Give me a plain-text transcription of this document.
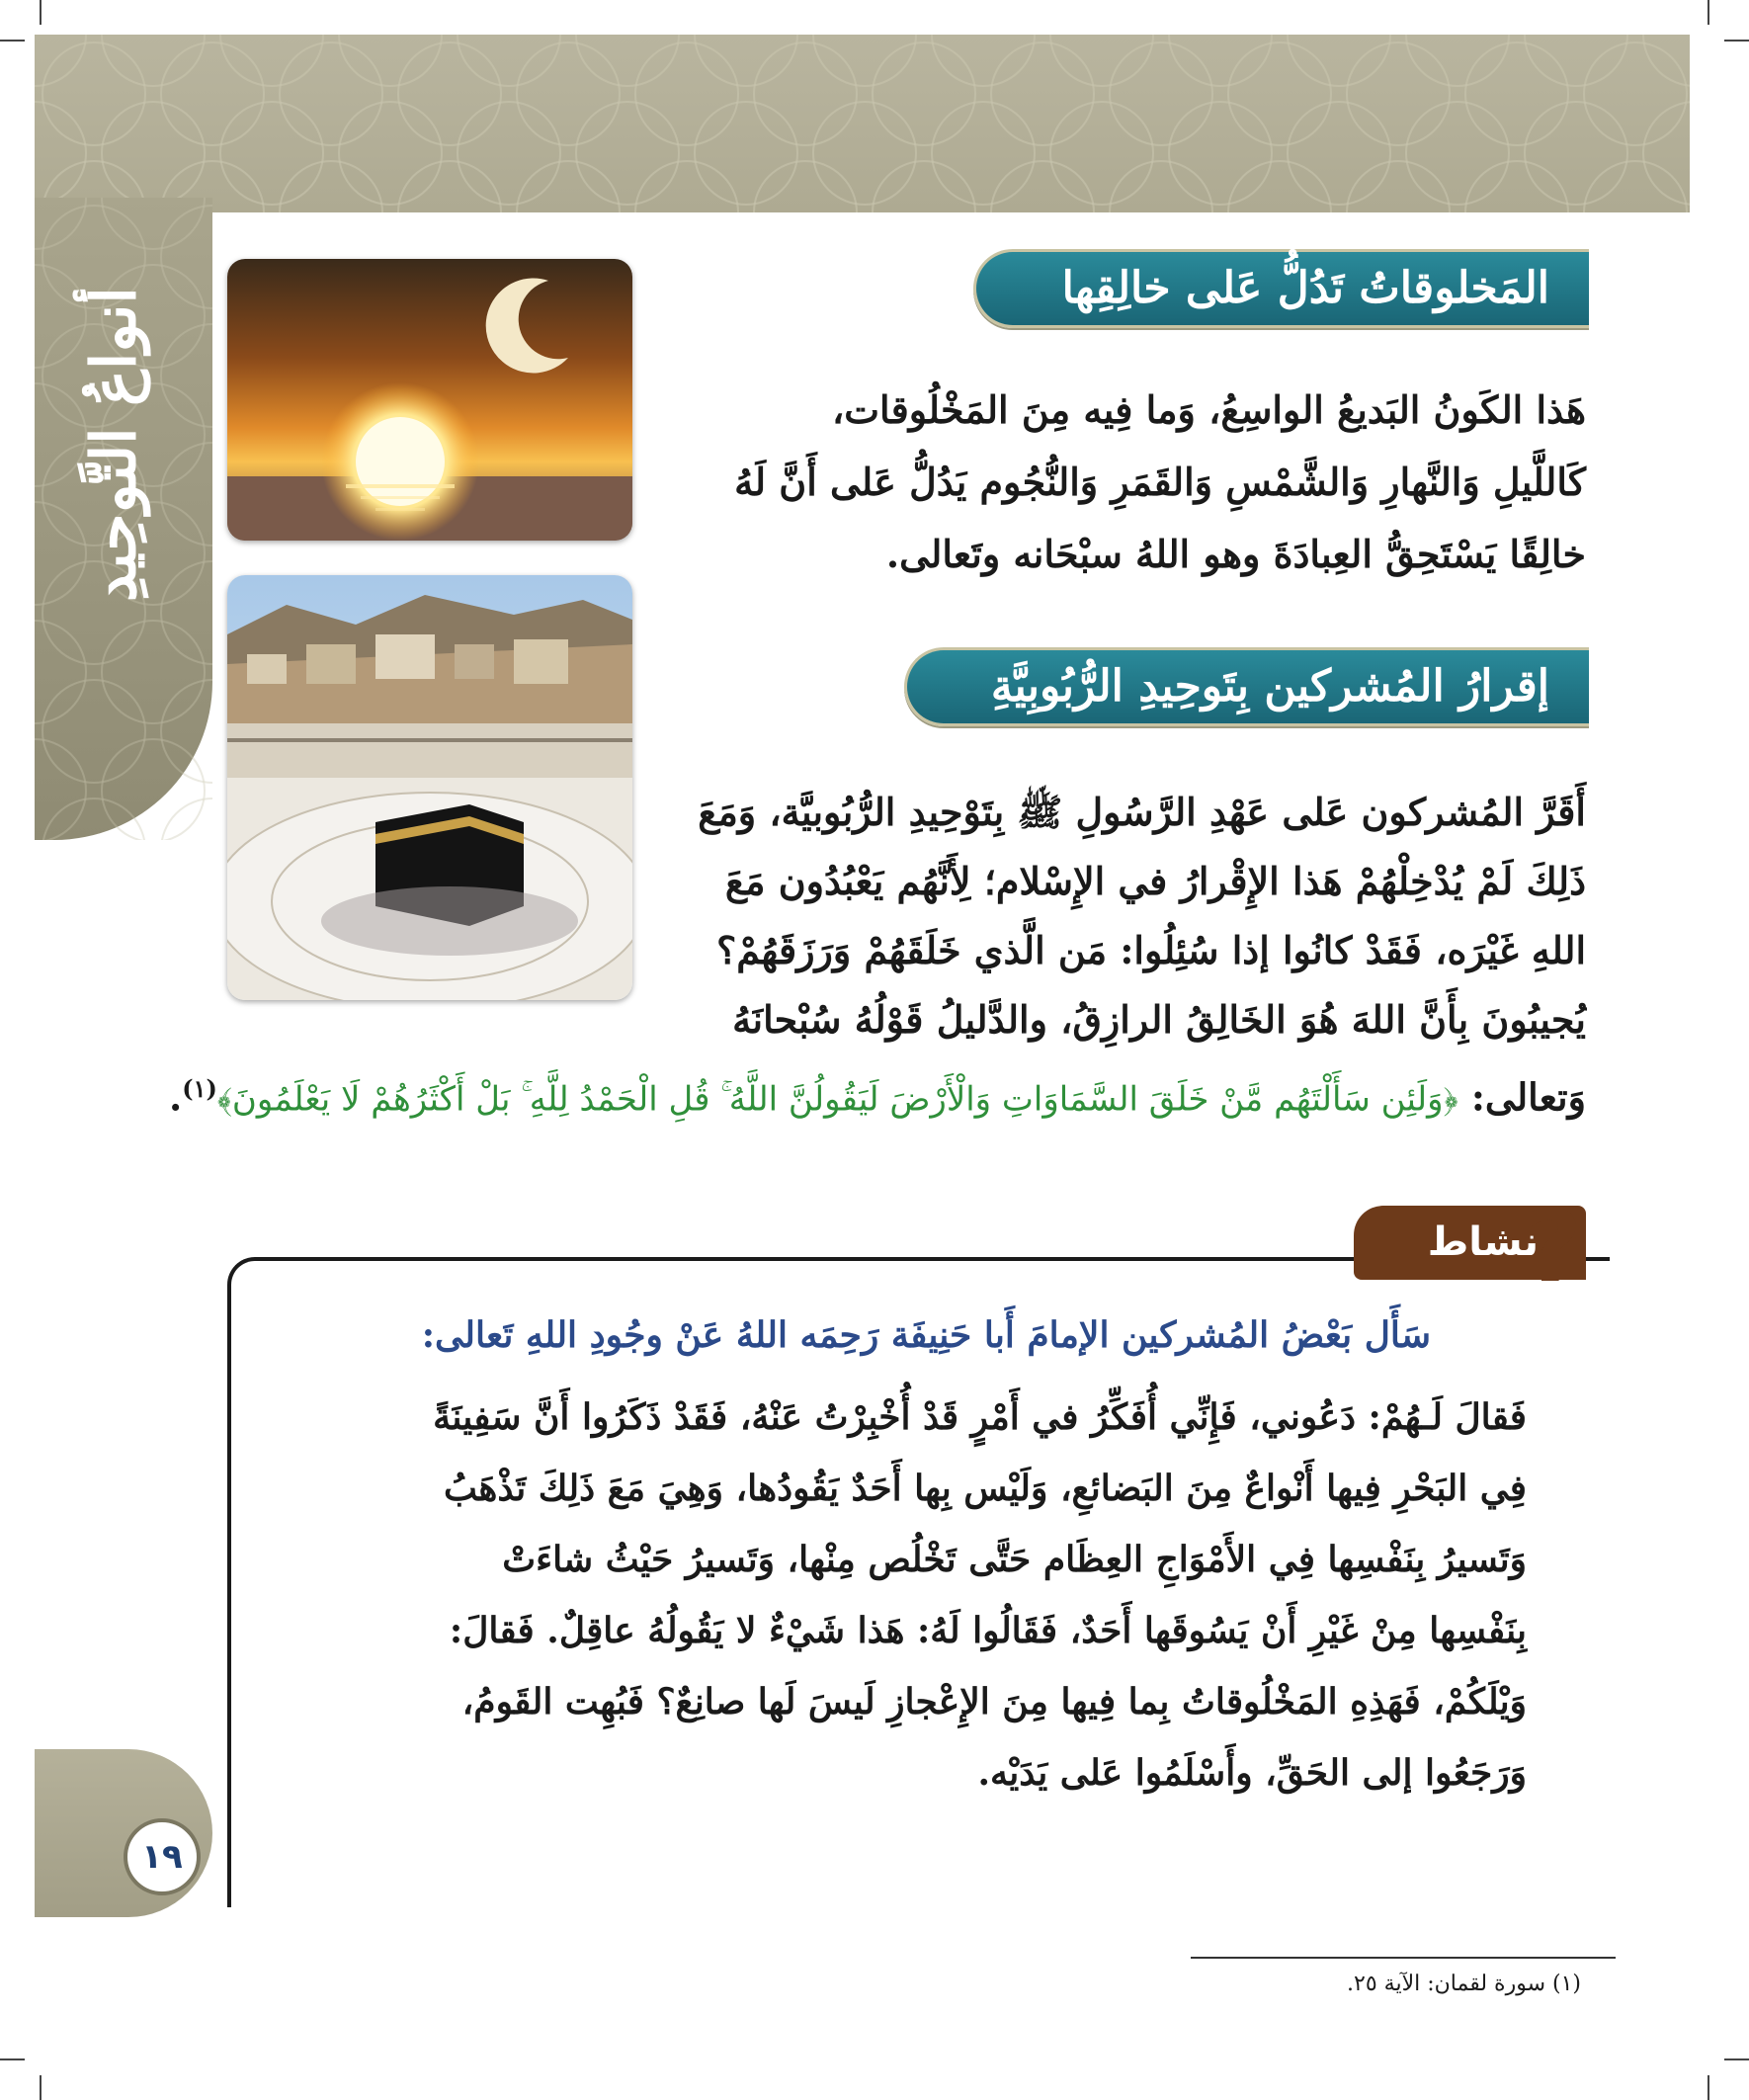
أنواعُ التَّوحِيدِ
١٩
المَخلوقاتُ تَدُلُّ عَلى خالِقِها
هَذا الكَونُ البَديعُ الواسِعُ، وَما فِيه مِنَ المَخْلُوقات،
كَاللَّيلِ وَالنَّهارِ وَالشَّمْسِ وَالقَمَرِ وَالنُّجُوم يَدُلُّ عَلى أَنَّ لَهُ
خالِقًا يَسْتَحِقُّ العِبادَةَ وهو اللهُ سبْحَانه وتَعالى.
إقرارُ المُشركين بِتَوحِيدِ الرُّبُوبِيَّةِ
أَقَرَّ المُشركون عَلى عَهْدِ الرَّسُولِ ﷺ بِتَوْحِيدِ الرُّبُوبيَّة، وَمَعَ
ذَلِكَ لَمْ يُدْخِلْهُمْ هَذا الإِقْرارُ في الإِسْلام؛ لِأَنَّهُم يَعْبُدُون مَعَ
اللهِ غَيْرَه، فَقَدْ كانُوا إذا سُئِلُوا: مَن الَّذي خَلَقَهُمْ وَرَزَقَهُمْ؟
يُجيبُونَ بِأَنَّ اللهَ هُوَ الخَالِقُ الرازِقُ، والدَّليلُ قَوْلُهُ سُبْحانَهُ
وَتعالى: ﴿وَلَئِن سَأَلْتَهُم مَّنْ خَلَقَ السَّمَاوَاتِ وَالْأَرْضَ لَيَقُولُنَّ اللَّهُ ۚ قُلِ الْحَمْدُ لِلَّهِ ۚ بَلْ أَكْثَرُهُمْ لَا يَعْلَمُونَ﴾$^{(١)}$.
نشاط
?
سَأَل بَعْضُ المُشركين الإمامَ أَبا حَنِيفَة رَحِمَه اللهُ عَنْ وجُودِ اللهِ تَعالى:
فَقالَ لَـهُمْ: دَعُوني، فَإِنِّي أُفَكِّرُ في أَمْرٍ قَدْ أُخْبِرْتُ عَنْهُ، فَقَدْ ذَكَرُوا أَنَّ سَفِينَةً
فِي البَحْرِ فِيها أَنْواعٌ مِنَ البَضائعِ، وَلَيْس بِها أَحَدٌ يَقُودُها، وَهِيَ مَعَ ذَلِكَ تَذْهَبُ
وَتَسيرُ بِنَفْسِها فِي الأَمْوَاجِ العِظَام حَتَّى تَخْلُص مِنْها، وَتَسيرُ حَيْثُ شاءَتْ
بِنَفْسِها مِنْ غَيْرِ أَنْ يَسُوقَها أَحَدٌ، فَقَالُوا لَهُ: هَذا شَيْءٌ لا يَقُولُهُ عاقِلٌ. فَقالَ:
وَيْلَكُمْ، فَهَذِهِ المَخْلُوقاتُ بِما فِيها مِنَ الإِعْجازِ لَيسَ لَها صانِعٌ؟ فَبُهِت القَومُ،
وَرَجَعُوا إلى الحَقِّ، وأَسْلَمُوا عَلى يَدَيْه.
(١) سورة لقمان: الآية ٢٥.
